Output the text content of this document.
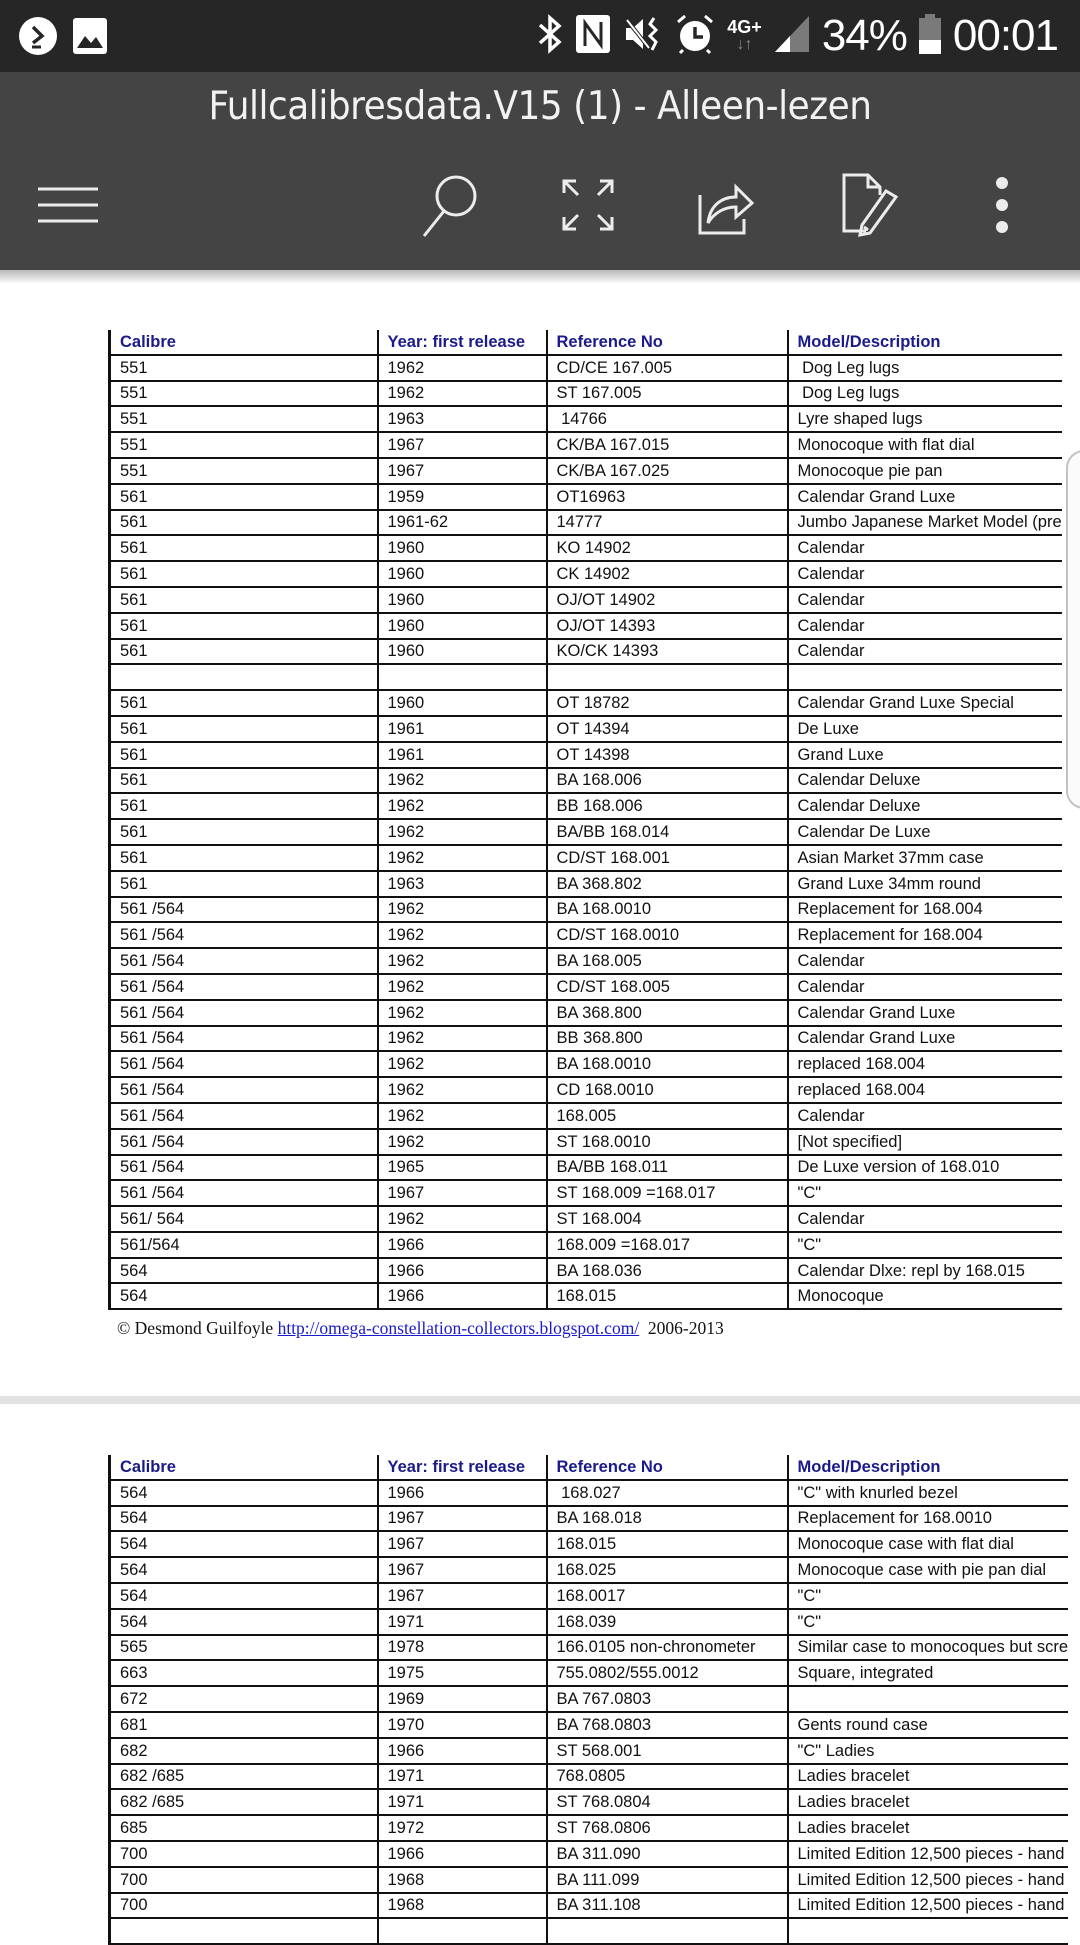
4G+
↓↑ 34% 00:01
Fullcalibresdata.V15 (1) - Alleen-lezen
Calibre	Year: first release	Reference No	Model/Description
551	1962	CD/CE 167.005	Dog Leg lugs
551	1962	ST 167.005	Dog Leg lugs
551	1963	14766	Lyre shaped lugs
551	1967	CK/BA 167.015	Monocoque with flat dial
551	1967	CK/BA 167.025	Monocoque pie pan
561	1959	OT16963	Calendar Grand Luxe
561	1961-62	14777	Jumbo Japanese Market Model (pre
561	1960	KO 14902	Calendar
561	1960	CK 14902	Calendar
561	1960	OJ/OT 14902	Calendar
561	1960	OJ/OT 14393	Calendar
561	1960	KO/CK 14393	Calendar

561	1960	OT 18782	Calendar Grand Luxe Special
561	1961	OT 14394	De Luxe
561	1961	OT 14398	Grand Luxe
561	1962	BA 168.006	Calendar Deluxe
561	1962	BB 168.006	Calendar Deluxe
561	1962	BA/BB 168.014	Calendar De Luxe
561	1962	CD/ST 168.001	Asian Market 37mm case
561	1963	BA 368.802	Grand Luxe 34mm round
561 /564	1962	BA 168.0010	Replacement for 168.004
561 /564	1962	CD/ST 168.0010	Replacement for 168.004
561 /564	1962	BA 168.005	Calendar
561 /564	1962	CD/ST 168.005	Calendar
561 /564	1962	BA 368.800	Calendar Grand Luxe
561 /564	1962	BB 368.800	Calendar Grand Luxe
561 /564	1962	BA 168.0010	replaced 168.004
561 /564	1962	CD 168.0010	replaced 168.004
561 /564	1962	168.005	Calendar
561 /564	1962	ST 168.0010	[Not specified]
561 /564	1965	BA/BB 168.011	De Luxe version of 168.010
561 /564	1967	ST 168.009 =168.017	"C"
561/ 564	1962	ST 168.004	Calendar
561/564	1966	168.009 =168.017	"C"
564	1966	BA 168.036	Calendar Dlxe: repl by 168.015
564	1966	168.015	Monocoque
© Desmond Guilfoyle http://omega-constellation-collectors.blogspot.com/ 2006-2013
Calibre	Year: first release	Reference No	Model/Description
564	1966	168.027	"C" with knurled bezel
564	1967	BA 168.018	Replacement for 168.0010
564	1967	168.015	Monocoque case with flat dial
564	1967	168.025	Monocoque case with pie pan dial
564	1967	168.0017	"C"
564	1971	168.039	"C"
565	1978	166.0105 non-chronometer	Similar case to monocoques but scre
663	1975	755.0802/555.0012	Square, integrated
672	1969	BA 767.0803	
681	1970	BA 768.0803	Gents round case
682	1966	ST 568.001	"C" Ladies
682 /685	1971	768.0805	Ladies bracelet
682 /685	1971	ST 768.0804	Ladies bracelet
685	1972	ST 768.0806	Ladies bracelet
700	1966	BA 311.090	Limited Edition 12,500 pieces - hand
700	1968	BA 111.099	Limited Edition 12,500 pieces - hand
700	1968	BA 311.108	Limited Edition 12,500 pieces - hand
